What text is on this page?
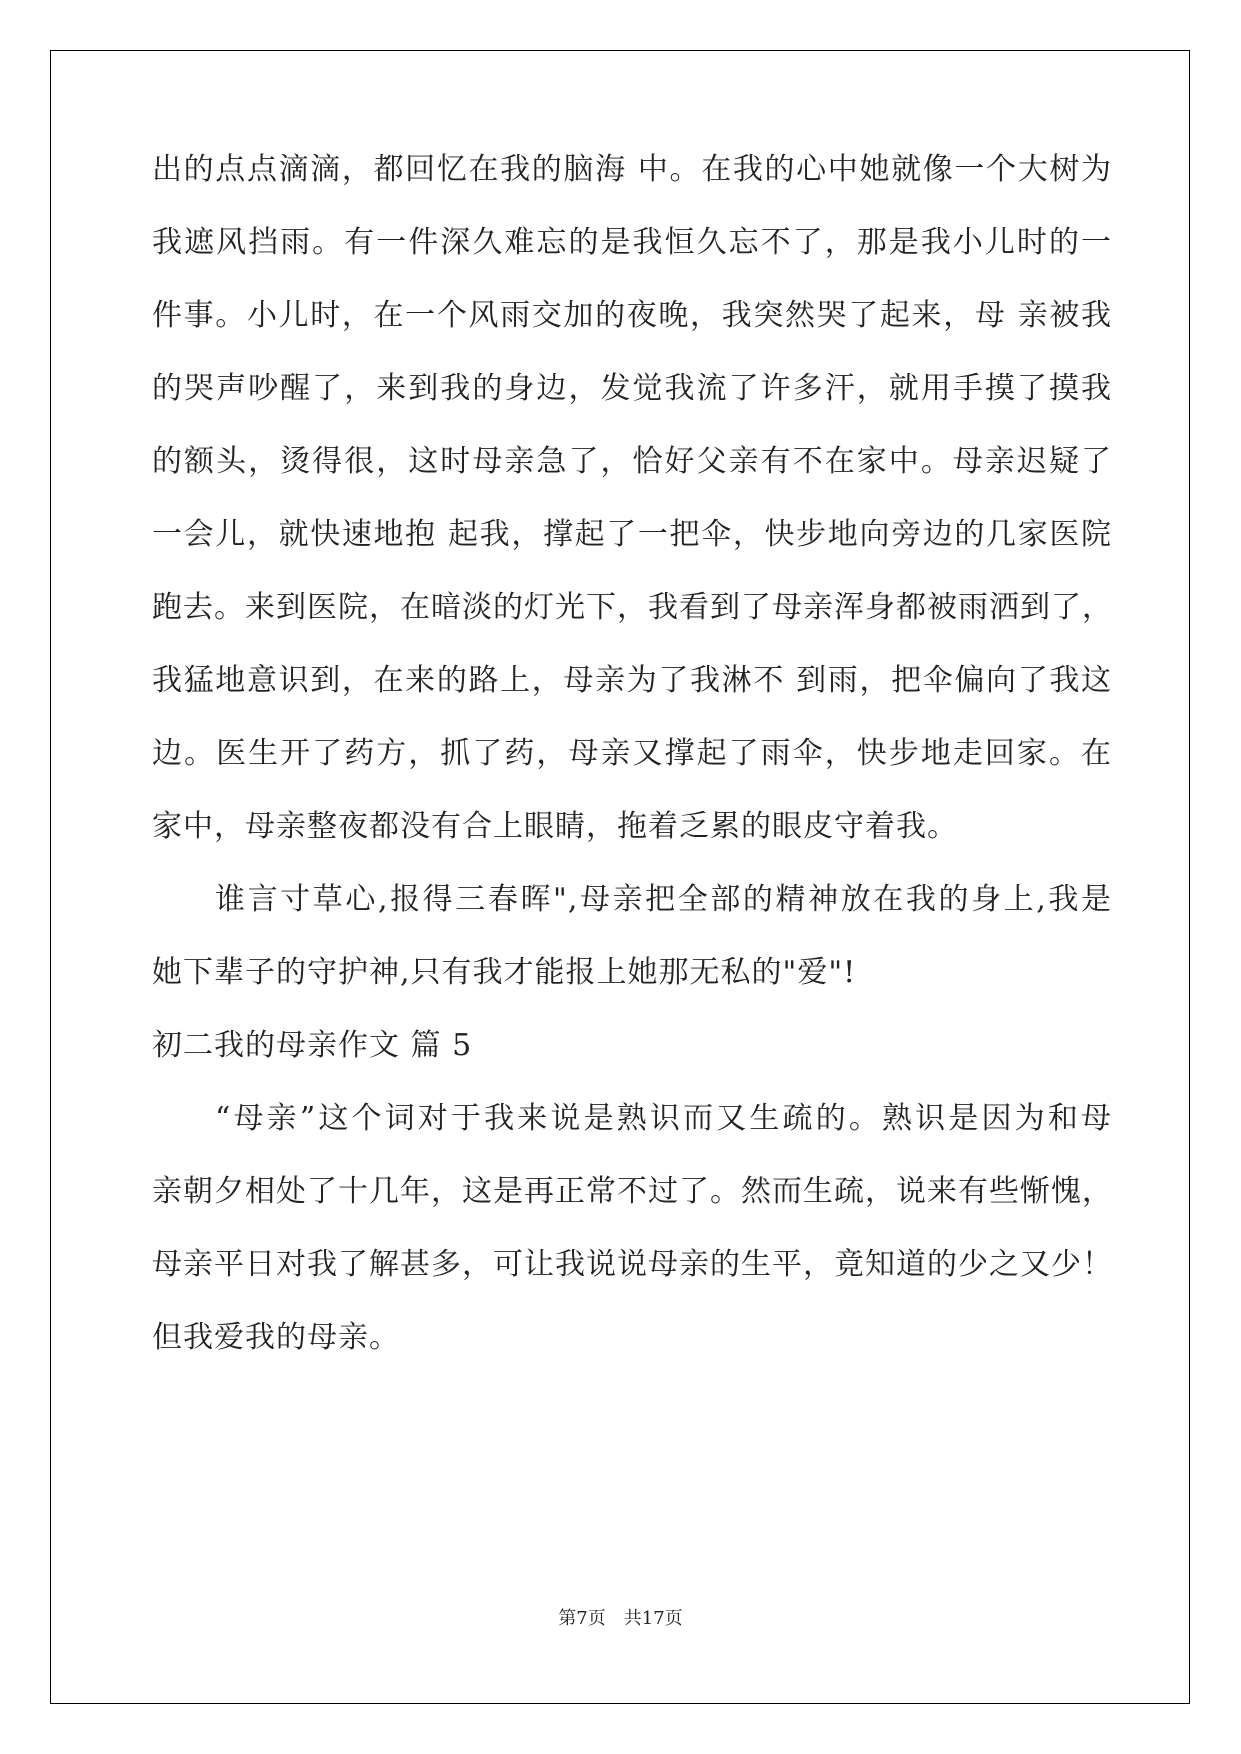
出的点点滴滴，都回忆在我的脑海 中。在我的心中她就像一个大树为
我遮风挡雨。有一件深久难忘的是我恒久忘不了，那是我小儿时的一
件事。小儿时，在一个风雨交加的夜晚，我突然哭了起来，母 亲被我
的哭声吵醒了，来到我的身边，发觉我流了许多汗，就用手摸了摸我
的额头，烫得很，这时母亲急了，恰好父亲有不在家中。母亲迟疑了
一会儿，就快速地抱 起我，撑起了一把伞，快步地向旁边的几家医院
跑去。来到医院，在暗淡的灯光下，我看到了母亲浑身都被雨洒到了，
我猛地意识到，在来的路上，母亲为了我淋不 到雨，把伞偏向了我这
边。医生开了药方，抓了药，母亲又撑起了雨伞，快步地走回家。在
家中，母亲整夜都没有合上眼睛，拖着乏累的眼皮守着我。
谁言寸草心,报得三春晖",母亲把全部的精神放在我的身上,我是
她下辈子的守护神,只有我才能报上她那无私的"爱"!
初二我的母亲作文 篇 5
“母亲”这个词对于我来说是熟识而又生疏的。熟识是因为和母
亲朝夕相处了十几年，这是再正常不过了。然而生疏，说来有些惭愧，
母亲平日对我了解甚多，可让我说说母亲的生平，竟知道的少之又少！
但我爱我的母亲。
第7页　共17页
